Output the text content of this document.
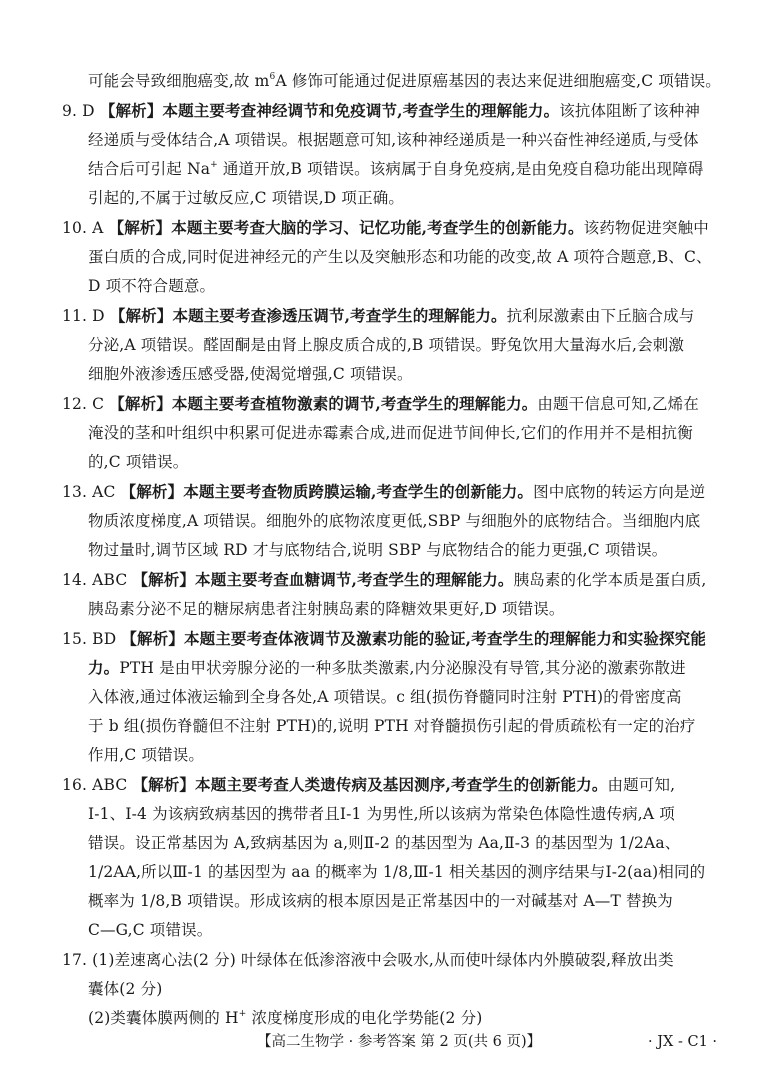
可能会导致细胞癌变,故 $m^6A$ 修饰可能通过促进原癌基因的表达来促进细胞癌变,C 项错误。
9. D 【解析】本题主要考查神经调节和免疫调节,考查学生的理解能力。该抗体阻断了该种神
经递质与受体结合,A 项错误。根据题意可知,该种神经递质是一种兴奋性神经递质,与受体
结合后可引起 Na+ 通道开放,B 项错误。该病属于自身免疫病,是由免疫自稳功能出现障碍
引起的,不属于过敏反应,C 项错误,D 项正确。
10. A 【解析】本题主要考查大脑的学习、记忆功能,考查学生的创新能力。该药物促进突触中
蛋白质的合成,同时促进神经元的产生以及突触形态和功能的改变,故 A 项符合题意,B、C、
D 项不符合题意。
11. D 【解析】本题主要考查渗透压调节,考查学生的理解能力。抗利尿激素由下丘脑合成与
分泌,A 项错误。醛固酮是由肾上腺皮质合成的,B 项错误。野兔饮用大量海水后,会刺激
细胞外液渗透压感受器,使渴觉增强,C 项错误。
12. C 【解析】本题主要考查植物激素的调节,考查学生的理解能力。由题干信息可知,乙烯在
淹没的茎和叶组织中积累可促进赤霉素合成,进而促进节间伸长,它们的作用并不是相抗衡
的,C 项错误。
13. AC 【解析】本题主要考查物质跨膜运输,考查学生的创新能力。图中底物的转运方向是逆
物质浓度梯度,A 项错误。细胞外的底物浓度更低,SBP 与细胞外的底物结合。当细胞内底
物过量时,调节区域 RD 才与底物结合,说明 SBP 与底物结合的能力更强,C 项错误。
14. ABC 【解析】本题主要考查血糖调节,考查学生的理解能力。胰岛素的化学本质是蛋白质,
胰岛素分泌不足的糖尿病患者注射胰岛素的降糖效果更好,D 项错误。
15. BD 【解析】本题主要考查体液调节及激素功能的验证,考查学生的理解能力和实验探究能
力。PTH 是由甲状旁腺分泌的一种多肽类激素,内分泌腺没有导管,其分泌的激素弥散进
入体液,通过体液运输到全身各处,A 项错误。c 组(损伤脊髓同时注射 PTH)的骨密度高
于 b 组(损伤脊髓但不注射 PTH)的,说明 PTH 对脊髓损伤引起的骨质疏松有一定的治疗
作用,C 项错误。
16. ABC 【解析】本题主要考查人类遗传病及基因测序,考查学生的创新能力。由题可知,
Ⅰ-1、Ⅰ-4 为该病致病基因的携带者且Ⅰ-1 为男性,所以该病为常染色体隐性遗传病,A 项
错误。设正常基因为 A,致病基因为 a,则Ⅱ-2 的基因型为 Aa,Ⅱ-3 的基因型为 1/2Aa、
1/2AA,所以Ⅲ-1 的基因型为 aa 的概率为 1/8,Ⅲ-1 相关基因的测序结果与Ⅰ-2(aa)相同的
概率为 1/8,B 项错误。形成该病的根本原因是正常基因中的一对碱基对 A—T 替换为
C—G,C 项错误。
17. (1)差速离心法(2 分) 叶绿体在低渗溶液中会吸水,从而使叶绿体内外膜破裂,释放出类
囊体(2 分)
(2)类囊体膜两侧的 H+ 浓度梯度形成的电化学势能(2 分)
【高二生物学 · 参考答案 第 2 页(共 6 页)】	· JX - C1 ·
